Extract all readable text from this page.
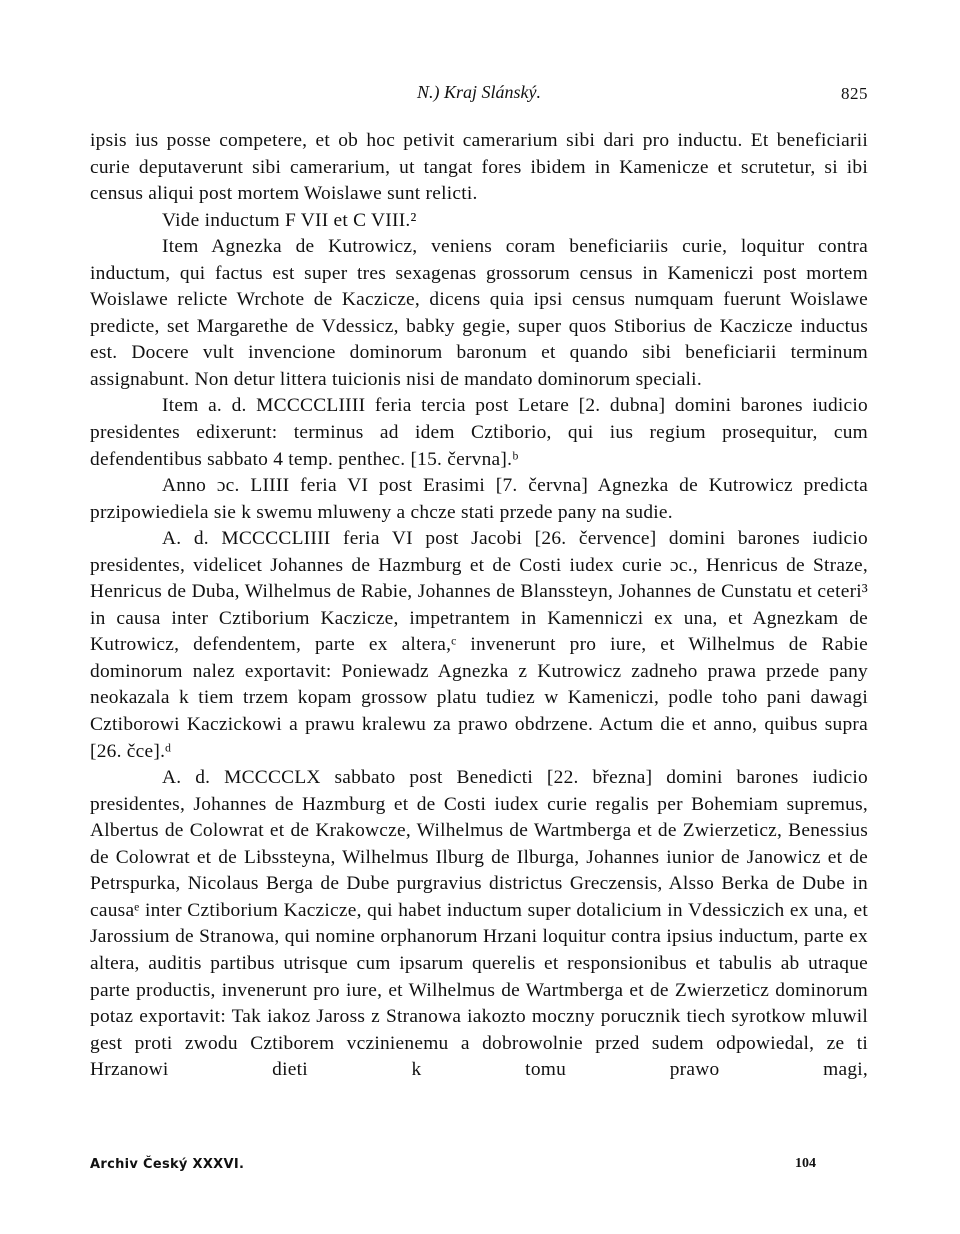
N.) Kraj Slánský.	825

ipsis ius posse competere, et ob hoc petivit camerarium sibi dari pro inductu. Et beneficiarii curie deputaverunt sibi camerarium, ut tangat fores ibidem in Kamenicze et scrutetur, si ibi census aliqui post mortem Woislawe sunt relicti.

Vide inductum F VII et C VIII.²

Item Agnezka de Kutrowicz, veniens coram beneficiariis curie, loquitur contra inductum, qui factus est super tres sexagenas grossorum census in Kameniczi post mortem Woislawe relicte Wrchote de Kaczicze, dicens quia ipsi census numquam fuerunt Woislawe predicte, set Margarethe de Vdessicz, babky gegie, super quos Stiborius de Kaczicze inductus est. Docere vult invencione dominorum baronum et quando sibi beneficiarii terminum assignabunt. Non detur littera tuicionis nisi de mandato dominorum speciali.

Item a. d. MCCCCLIIII feria tercia post Letare [2. dubna] domini barones iudicio presidentes edixerunt: terminus ad idem Cztiborio, qui ius regium prosequitur, cum defendentibus sabbato 4 temp. penthec. [15. června].ᵇ

Anno ɔc. LIIII feria VI post Erasimi [7. června] Agnezka de Kutrowicz predicta przipowiediela sie k swemu mluweny a chcze stati przede pany na sudie.

A. d. MCCCCLIIII feria VI post Jacobi [26. července] domini barones iudicio presidentes, videlicet Johannes de Hazmburg et de Costi iudex curie ɔc., Henricus de Straze, Henricus de Duba, Wilhelmus de Rabie, Johannes de Blanssteyn, Johannes de Cunstatu et ceteri³ in causa inter Cztiborium Kaczicze, impetrantem in Kamenniczi ex una, et Agnezkam de Kutrowicz, defendentem, parte ex altera,ᶜ invenerunt pro iure, et Wilhelmus de Rabie dominorum nalez exportavit: Poniewadz Agnezka z Kutrowicz zadneho prawa przede pany neokazala k tiem trzem kopam grossow platu tudiez w Kameniczi, podle toho pani dawagi Cztiborowi Kaczickowi a prawu kralewu za prawo obdrzene. Actum die et anno, quibus supra [26. čce].ᵈ

A. d. MCCCCLX sabbato post Benedicti [22. března] domini barones iudicio presidentes, Johannes de Hazmburg et de Costi iudex curie regalis per Bohemiam supremus, Albertus de Colowrat et de Krakowcze, Wilhelmus de Wartmberga et de Zwierzeticz, Benessius de Colowrat et de Libssteyna, Wilhelmus Ilburg de Ilburga, Johannes iunior de Janowicz et de Petrspurka, Nicolaus Berga de Dube purgravius districtus Greczensis, Alsso Berka de Dube in causaᵉ inter Cztiborium Kaczicze, qui habet inductum super dotalicium in Vdessiczich ex una, et Jarossium de Stranowa, qui nomine orphanorum Hrzani loquitur contra ipsius inductum, parte ex altera, auditis partibus utrisque cum ipsarum querelis et responsionibus et tabulis ab utraque parte productis, invenerunt pro iure, et Wilhelmus de Wartmberga et de Zwierzeticz dominorum potaz exportavit: Tak iakoz Jaross z Stranowa iakozto moczny porucznik tiech syrotkow mluwil gest proti zwodu Cztiborem vczinienemu a dobrowolnie przed sudem odpowiedal, ze ti Hrzanowi dieti k tomu prawo magi,

Archiv Český XXXVI.	104
